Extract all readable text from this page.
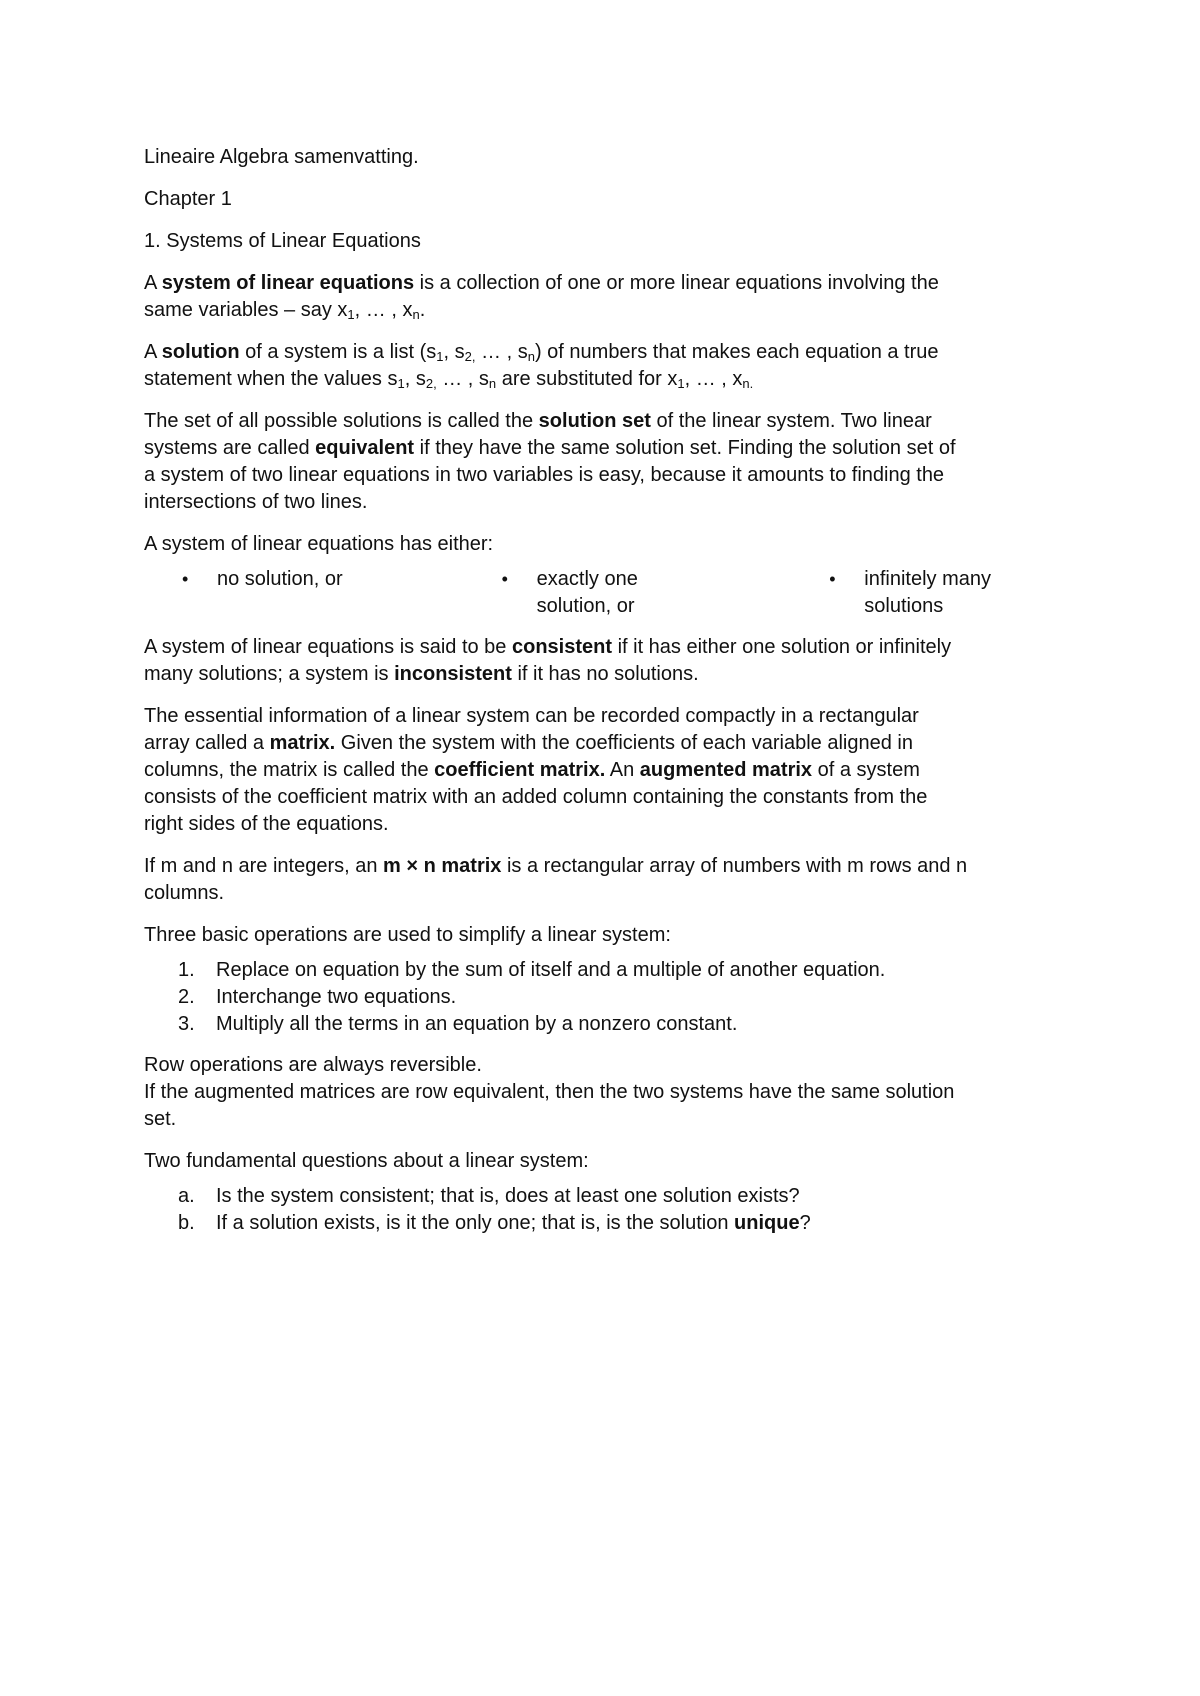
Lineaire Algebra samenvatting.

Chapter 1

1. Systems of Linear Equations

A system of linear equations is a collection of one or more linear equations involving the
same variables – say $x_1$, … , $x_n$.

A solution of a system is a list ($s_1$, $s_{2,}$ … , $s_n$) of numbers that makes each equation a true
statement when the values $s_1$, $s_{2,}$ … , $s_n$ are substituted for $x_1$, … , $x_{n.}$

The set of all possible solutions is called the solution set of the linear system. Two linear
systems are called equivalent if they have the same solution set. Finding the solution set of
a system of two linear equations in two variables is easy, because it amounts to finding the
intersections of two lines.

A system of linear equations has either:

• no solution, or	• exactly one
solution, or
• infinitely many
solutions

A system of linear equations is said to be consistent if it has either one solution or infinitely
many solutions; a system is inconsistent if it has no solutions.

The essential information of a linear system can be recorded compactly in a rectangular
array called a matrix. Given the system with the coefficients of each variable aligned in
columns, the matrix is called the coefficient matrix. An augmented matrix of a system
consists of the coefficient matrix with an added column containing the constants from the
right sides of the equations.

If m and n are integers, an m × n matrix is a rectangular array of numbers with m rows and n
columns.

Three basic operations are used to simplify a linear system:

1. Replace on equation by the sum of itself and a multiple of another equation.
2. Interchange two equations.
3. Multiply all the terms in an equation by a nonzero constant.

Row operations are always reversible.
If the augmented matrices are row equivalent, then the two systems have the same solution
set.

Two fundamental questions about a linear system:

a. Is the system consistent; that is, does at least one solution exists?
b. If a solution exists, is it the only one; that is, is the solution unique?
